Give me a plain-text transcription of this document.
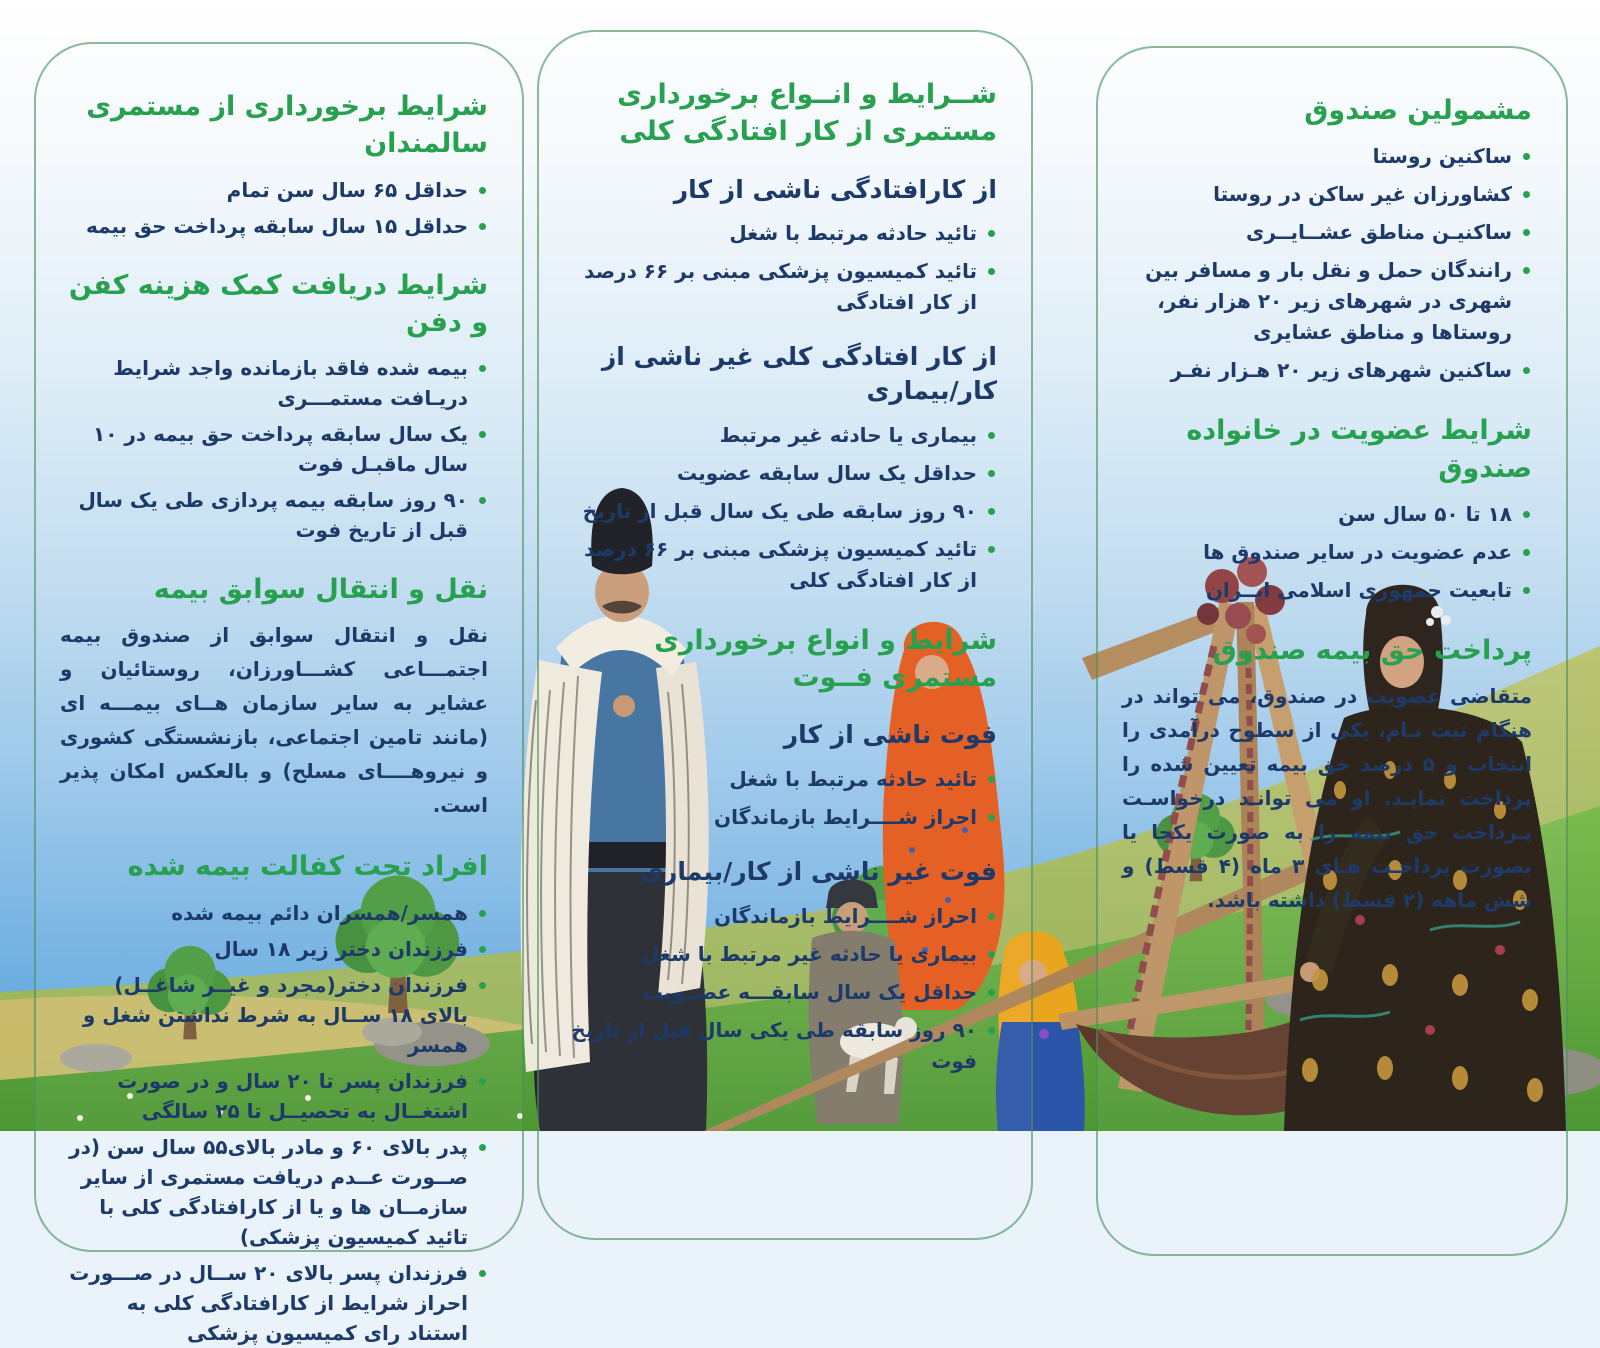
شرایط برخورداری از مستمری سالمندان
حداقل ۶۵ سال سن تمام
حداقل ۱۵ سال سابقه پرداخت حق بیمه
شرایط دریافت کمک هزینه کفن و دفن
بیمه شده فاقد بازمانده واجد شرایط دریـافت مستمـــری
یک سال سابقه پرداخت حق بیمه در ۱۰ سال ماقبـل فوت
۹۰ روز سابقه بیمه پردازی طی یک سال قبل از تاریخ فوت
نقل و انتقال سوابق بیمه

نقل و انتقال سوابق از صندوق بیمه اجتمـــاعی کشـــاورزان، روستائیان و عشایر به سایر سازمان هــای بیمـــه ای (مانند تامین اجتماعی، بازنشستگی کشوری و نیروهــــای مسلح) و بالعکس امکان پذیر است.

افراد تحت کفالت بیمه شده
همسر/همسران دائم بیمه شده
فرزندان دختر زیر ۱۸ سال
فرزندان دختر(مجرد و غیــر شاغــل) بالای ۱۸ ســال به شرط نداشتن شغل و همسر
فرزندان پسر تا ۲۰ سال و در صورت اشتغــال به تحصیــل تا ۲۵ سالگی
پدر بالای ۶۰ و مادر بالای۵۵ سال سن (در صــورت عــدم دریافت مستمری از سایر سازمــان ها و یا از کارافتادگی کلی با تائید کمیسیون پزشکی)
فرزندان پسر بالای ۲۰ ســال در صـــورت احراز شرایط از کارافتادگی کلی به استناد رای کمیسیون پزشکی
شــرایط و انــواع برخورداری مستمری از کار افتادگی کلی
از کارافتادگی ناشی از کار
تائید حادثه مرتبط با شغل
تائید کمیسیون پزشکی مبنی بر ۶۶ درصد از کار افتادگی
از کار افتادگی کلی غیر ناشی از کار/بیماری
بیماری یا حادثه غیر مرتبط
حداقل یک سال سابقه عضویت
۹۰ روز سابقه طی یک سال قبل از تاریخ
تائید کمیسیون پزشکی مبنی بر ۶۶ درصد از کار افتادگی کلی
شرایط و انواع برخورداری مستمری فــوت
فوت ناشی از کار
تائید حادثه مرتبط با شغل
احراز شــــرایط بازماندگان
فوت غیر ناشی از کار/بیماری
احراز شــــرایط بازماندگان
بیماری یا حادثه غیر مرتبط با شغل
حداقل یک سال سابقـــه عضــویت
۹۰ روز سابقه طی یکی سال قبل از تاریخ فوت
مشمولین صندوق
ساکنین روستا
کشاورزان غیر ساکن در روستا
ساکنیـن مناطق عشــایــری
رانندگان حمل و نقل بار و مسافر بین شهری در شهرهای زیر ۲۰ هزار نفر، روستاها و مناطق عشایری
ساکنین شهرهای زیر ۲۰ هـزار نفـر
شرایط عضویت در خانواده صندوق
۱۸ تا ۵۰ سال سن
عدم عضویت در سایر صندوق ها
تابعیت جمهوری اسلامی ایــران
پرداخت حق بیمه صندوق

متقاضی عضویت در صندوق، می تواند در هنگام ثبت نـام، یکی از سطوح درآمدی را انتخاب و ۵ درصد حق بیمه تعیین شده را پرداخت نمایـد. او می توانـد درخواسـت پـرداخت حق بیمه را به صورت یکجا یا بصورت پرداخـت هـای ۳ ماه (۴ قسط) و شش ماهه (۲ قسط) داشته باشد.
